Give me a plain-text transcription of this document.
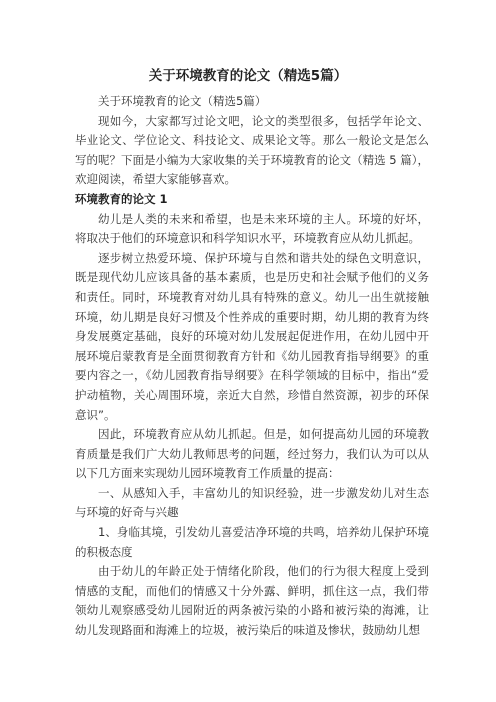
关于环境教育的论文（精选5篇）

关于环境教育的论文（精选5篇）

现如今，大家都写过论文吧，论文的类型很多，包括学年论文、毕业论文、学位论文、科技论文、成果论文等。那么一般论文是怎么写的呢？下面是小编为大家收集的关于环境教育的论文（精选 5 篇），欢迎阅读，希望大家能够喜欢。

环境教育的论文 1

幼儿是人类的未来和希望，也是未来环境的主人。环境的好坏，将取决于他们的环境意识和科学知识水平，环境教育应从幼儿抓起。

逐步树立热爱环境、保护环境与自然和谐共处的绿色文明意识，既是现代幼儿应该具备的基本素质，也是历史和社会赋予他们的义务和责任。同时，环境教育对幼儿具有特殊的意义。幼儿一出生就接触环境，幼儿期是良好习惯及个性养成的重要时期，幼儿期的教育为终身发展奠定基础，良好的环境对幼儿发展起促进作用，在幼儿园中开展环境启蒙教育是全面贯彻教育方针和《幼儿园教育指导纲要》的重要内容之一，《幼儿园教育指导纲要》在科学领域的目标中，指出“爱护动植物，关心周围环境，亲近大自然，珍惜自然资源，初步的环保意识”。

因此，环境教育应从幼儿抓起。但是，如何提高幼儿园的环境教育质量是我们广大幼儿教师思考的问题，经过努力，我们认为可以从以下几方面来实现幼儿园环境教育工作质量的提高：

一、从感知入手，丰富幼儿的知识经验，进一步激发幼儿对生态与环境的好奇与兴趣

1、身临其境，引发幼儿喜爱洁净环境的共鸣，培养幼儿保护环境的积极态度

由于幼儿的年龄正处于情绪化阶段，他们的行为很大程度上受到情感的支配，而他们的情感又十分外露、鲜明，抓住这一点，我们带领幼儿观察感受幼儿园附近的两条被污染的小路和被污染的海滩，让幼儿发现路面和海滩上的垃圾，被污染后的味道及惨状，鼓励幼儿想
